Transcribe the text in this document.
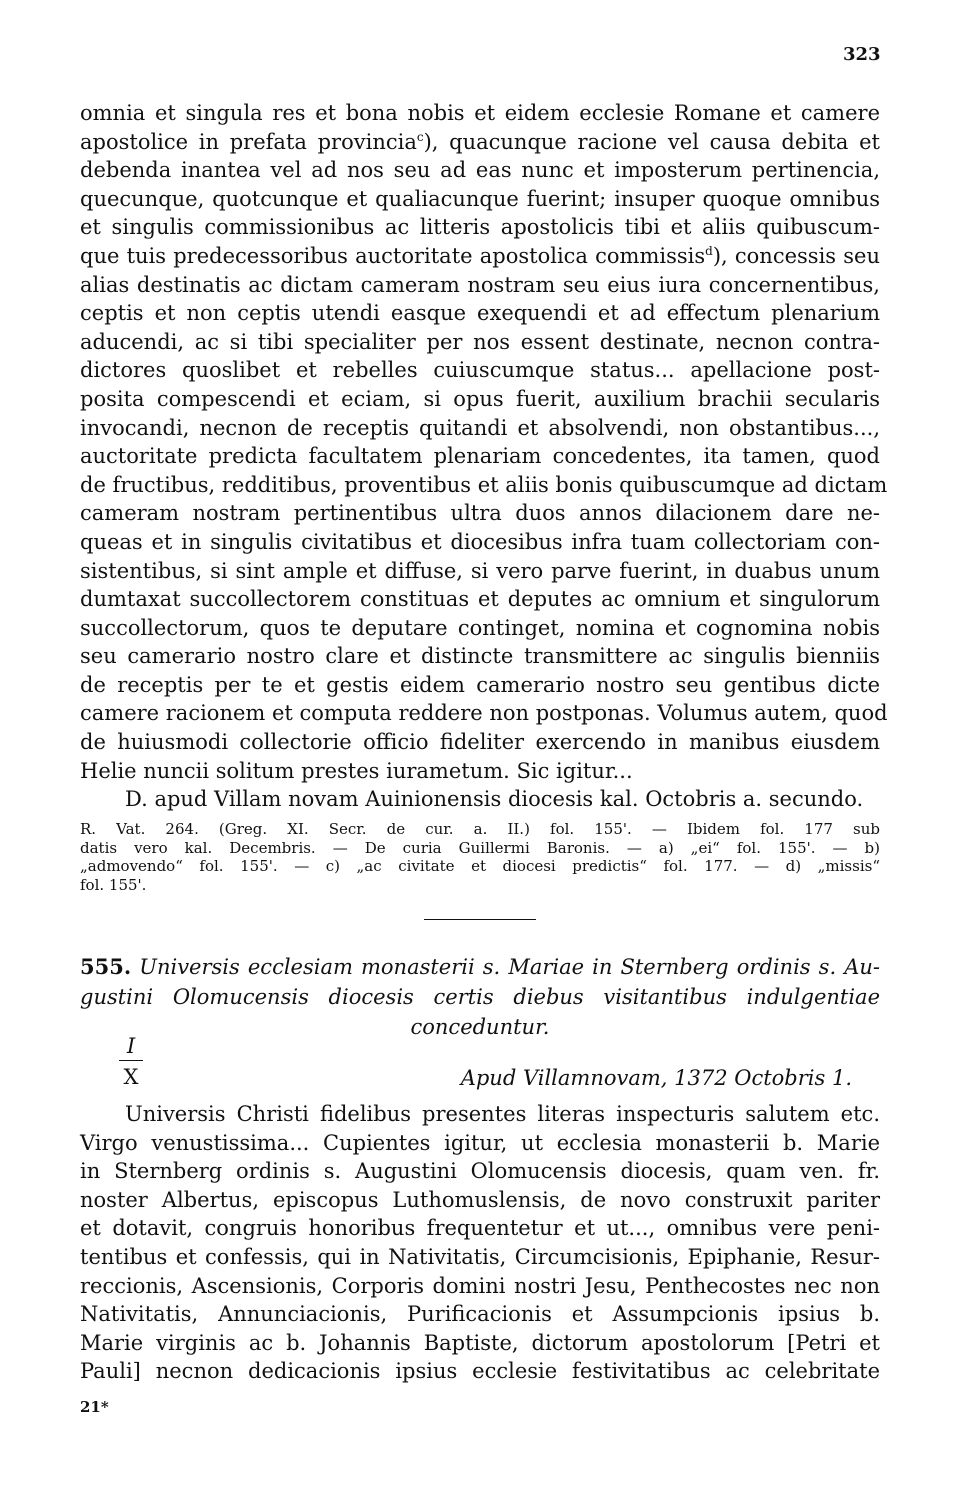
323
omnia et singula res et bona nobis et eidem ecclesie Romane et camere
apostolice in prefata provincia$^c$), quacunque racione vel causa debita et
debenda inantea vel ad nos seu ad eas nunc et imposterum pertinencia,
quecunque, quotcunque et qualiacunque fuerint; insuper quoque omnibus
et singulis commissionibus ac litteris apostolicis tibi et aliis quibuscum-
que tuis predecessoribus auctoritate apostolica commissis$^d$), concessis seu
alias destinatis ac dictam cameram nostram seu eius iura concernentibus,
ceptis et non ceptis utendi easque exequendi et ad effectum plenarium
aducendi, ac si tibi specialiter per nos essent destinate, necnon contra-
dictores quoslibet et rebelles cuiuscumque status... apellacione post-
posita compescendi et eciam, si opus fuerit, auxilium brachii secularis
invocandi, necnon de receptis quitandi et absolvendi, non obstantibus...,
auctoritate predicta facultatem plenariam concedentes, ita tamen, quod
de fructibus, redditibus, proventibus et aliis bonis quibuscumque ad dictam
cameram nostram pertinentibus ultra duos annos dilacionem dare ne-
queas et in singulis civitatibus et diocesibus infra tuam collectoriam con-
sistentibus, si sint ample et diffuse, si vero parve fuerint, in duabus unum
dumtaxat succollectorem constituas et deputes ac omnium et singulorum
succollectorum, quos te deputare continget, nomina et cognomina nobis
seu camerario nostro clare et distincte transmittere ac singulis bienniis
de receptis per te et gestis eidem camerario nostro seu gentibus dicte
camere racionem et computa reddere non postponas. Volumus autem, quod
de huiusmodi collectorie officio fideliter exercendo in manibus eiusdem
Helie nuncii solitum prestes iurametum. Sic igitur...
D. apud Villam novam Auinionensis diocesis kal. Octobris a. secundo.
R. Vat. 264. (Greg. XI. Secr. de cur. a. II.) fol. 155'. — Ibidem fol. 177 sub
datis vero kal. Decembris. — De curia Guillermi Baronis. — a) „ei“ fol. 155'. — b)
„admovendo“ fol. 155'. — c) „ac civitate et diocesi predictis“ fol. 177. — d) „missis“
fol. 155'.
555. Universis ecclesiam monasterii s. Mariae in Sternberg ordinis s. Au-
gustini Olomucensis diocesis certis diebus visitantibus indulgentiae
conceduntur.
I
X	Apud Villamnovam, 1372 Octobris 1.
Universis Christi fidelibus presentes literas inspecturis salutem etc.
Virgo venustissima... Cupientes igitur, ut ecclesia monasterii b. Marie
in Sternberg ordinis s. Augustini Olomucensis diocesis, quam ven. fr.
noster Albertus, episcopus Luthomuslensis, de novo construxit pariter
et dotavit, congruis honoribus frequentetur et ut..., omnibus vere peni-
tentibus et confessis, qui in Nativitatis, Circumcisionis, Epiphanie, Resur-
reccionis, Ascensionis, Corporis domini nostri Jesu, Penthecostes nec non
Nativitatis, Annunciacionis, Purificacionis et Assumpcionis ipsius b.
Marie virginis ac b. Johannis Baptiste, dictorum apostolorum [Petri et
Pauli] necnon dedicacionis ipsius ecclesie festivitatibus ac celebritate
21*
